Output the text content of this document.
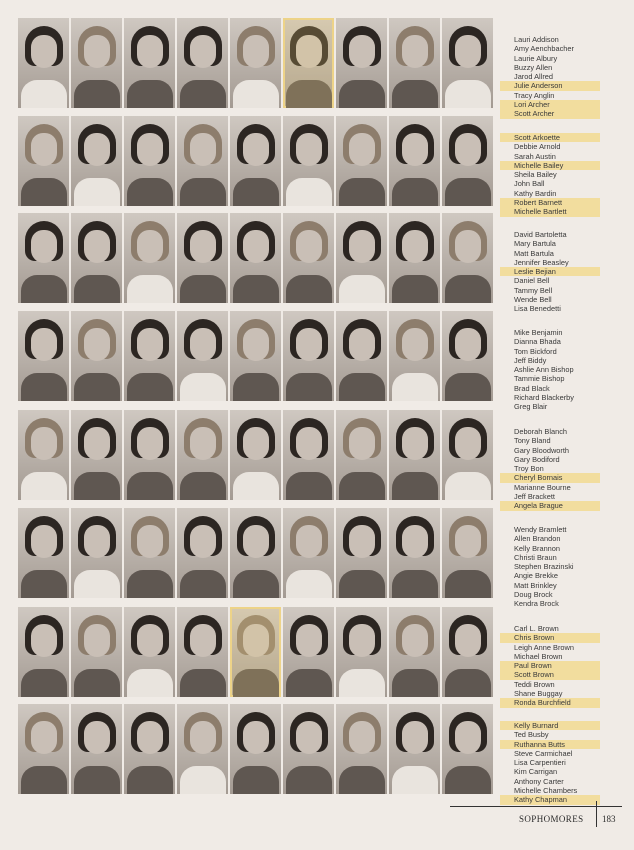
Lauri Addison
Amy Aenchbacher
Laurie Albury
Buzzy Allen
Jarod Allred
Julie Anderson
Tracy Anglin
Lori Archer
Scott Archer
Scott Arkoette
Debbie Arnold
Sarah Austin
Michelle Bailey
Sheila Bailey
John Ball
Kathy Bardin
Robert Barnett
Michelle Bartlett
David Bartoletta
Mary Bartula
Matt Bartula
Jennifer Beasley
Leslie Bejian
Daniel Bell
Tammy Bell
Wende Bell
Lisa Benedetti
Mike Benjamin
Dianna Bhada
Tom Bickford
Jeff Biddy
Ashlie Ann Bishop
Tammie Bishop
Brad Black
Richard Blackerby
Greg Blair
Deborah Blanch
Tony Bland
Gary Bloodworth
Gary Bodiford
Troy Bon
Cheryl Bornais
Marianne Bourne
Jeff Brackett
Angela Brague
Wendy Bramlett
Allen Brandon
Kelly Brannon
Christi Braun
Stephen Brazinski
Angie Brekke
Matt Brinkley
Doug Brock
Kendra Brock
Carl L. Brown
Chris Brown
Leigh Anne Brown
Michael Brown
Paul Brown
Scott Brown
Teddi Brown
Shane Buggay
Ronda Burchfield
Kelly Burnard
Ted Busby
Ruthanna Butts
Steve Carmichael
Lisa Carpentieri
Kim Carrigan
Anthony Carter
Michelle Chambers
Kathy Chapman
SOPHOMORES 183
